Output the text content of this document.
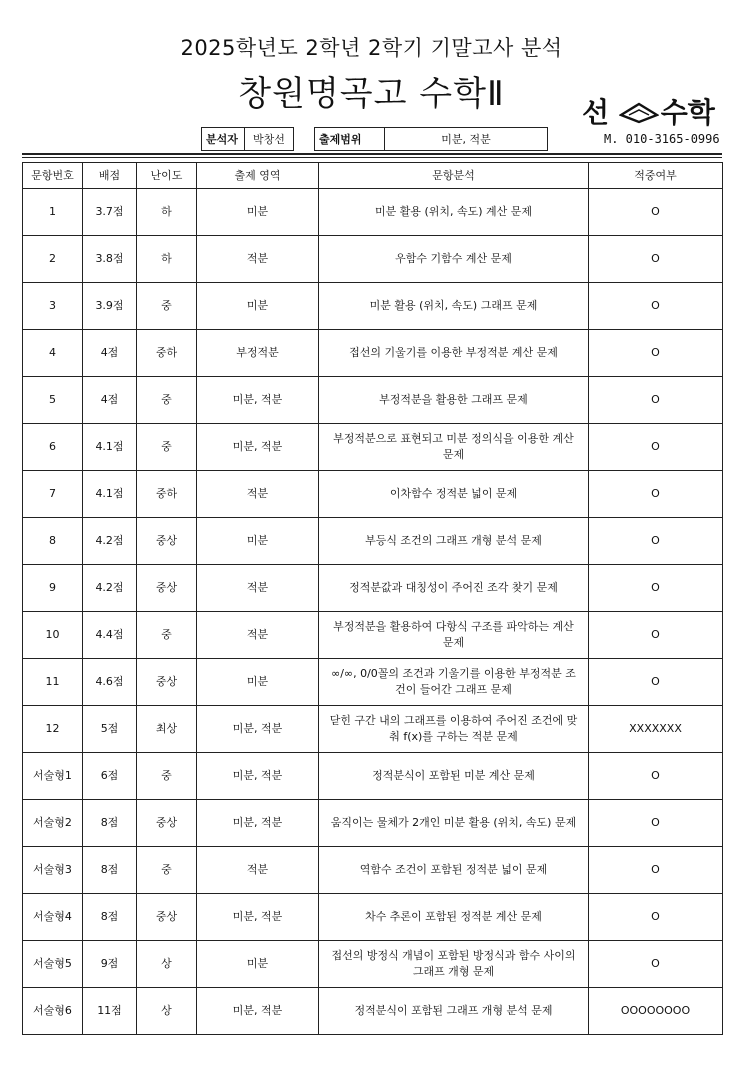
2025학년도 2학년 2학기 기말고사 분석
창원명곡고 수학Ⅱ	선 수학
M. 010-3165-0996
분석자	박창선	출제범위	미분, 적분
문항번호	배점	난이도	출제 영역	문항분석	적중여부
1	3.7점	하	미분	미분 활용 (위치, 속도) 계산 문제	O
2	3.8점	하	적분	우함수 기함수 계산 문제	O
3	3.9점	중	미분	미분 활용 (위치, 속도) 그래프 문제	O
4	4점	중하	부정적분	접선의 기울기를 이용한 부정적분 계산 문제	O
5	4점	중	미분, 적분	부정적분을 활용한 그래프 문제	O
6	4.1점	중	미분, 적분	부정적분으로 표현되고 미분 정의식을 이용한 계산 문제	O
7	4.1점	중하	적분	이차함수 정적분 넓이 문제	O
8	4.2점	중상	미분	부등식 조건의 그래프 개형 분석 문제	O
9	4.2점	중상	적분	정적분값과 대칭성이 주어진 조각 찾기 문제	O
10	4.4점	중	적분	부정적분을 활용하여 다항식 구조를 파악하는 계산 문제	O
11	4.6점	중상	미분	∞/∞, 0/0꼴의 조건과 기울기를 이용한 부정적분 조건이 들어간 그래프 문제	O
12	5점	최상	미분, 적분	닫힌 구간 내의 그래프를 이용하여 주어진 조건에 맞춰 f(x)를 구하는 적분 문제	XXXXXXX
서술형1	6점	중	미분, 적분	정적분식이 포함된 미분 계산 문제	O
서술형2	8점	중상	미분, 적분	움직이는 물체가 2개인 미분 활용 (위치, 속도) 문제	O
서술형3	8점	중	적분	역함수 조건이 포함된 정적분 넓이 문제	O
서술형4	8점	중상	미분, 적분	차수 추론이 포함된 정적분 계산 문제	O
서술형5	9점	상	미분	접선의 방정식 개념이 포함된 방정식과 함수 사이의 그래프 개형 문제	O
서술형6	11점	상	미분, 적분	정적분식이 포함된 그래프 개형 분석 문제	OOOOOOOO
